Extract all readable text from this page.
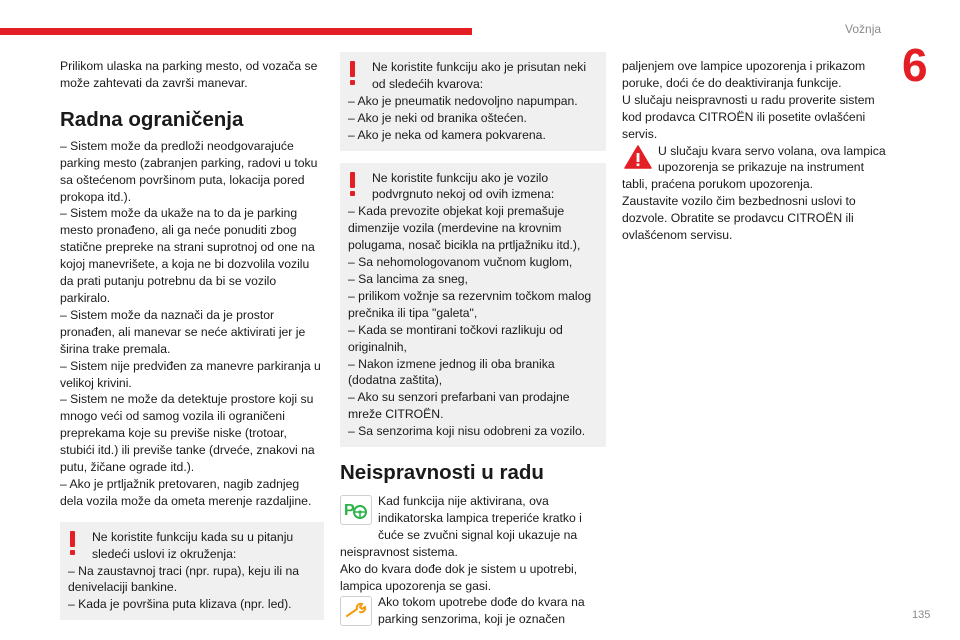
Vožnja
6

Prilikom ulaska na parking mesto, od vozača se može zahtevati da završi manevar.

Radna ograničenja

– Sistem može da predloži neodgovarajuće parking mesto (zabranjen parking, radovi u toku sa oštećenom površinom puta, lokacija pored prokopa itd.).

– Sistem može da ukaže na to da je parking mesto pronađeno, ali ga neće ponuditi zbog statične prepreke na strani suprotnoj od one na kojoj manevrišete, a koja ne bi dozvolila vozilu da prati putanju potrebnu da bi se vozilo parkiralo.

– Sistem može da naznači da je prostor pronađen, ali manevar se neće aktivirati jer je širina trake premala.

– Sistem nije predviđen za manevre parkiranja u velikoj krivini.

– Sistem ne može da detektuje prostore koji su mnogo veći od samog vozila ili ograničeni preprekama koje su previše niske (trotoar, stubići itd.) ili previše tanke (drveće, znakovi na putu, žičane ograde itd.).

– Ako je prtljažnik pretovaren, nagib zadnjeg dela vozila može da ometa merenje razdaljine.

Ne koristite funkciju kada su u pitanju sledeći uslovi iz okruženja:

– Na zaustavnoj traci (npr. rupa), keju ili na denivelaciji bankine.

– Kada je površina puta klizava (npr. led).

Ne koristite funkciju ako je prisutan neki od sledećih kvarova:

– Ako je pneumatik nedovoljno napumpan.

– Ako je neki od branika oštećen.

– Ako je neka od kamera pokvarena.

Ne koristite funkciju ako je vozilo podvrgnuto nekoj od ovih izmena:

– Kada prevozite objekat koji premašuje dimenzije vozila (merdevine na krovnim polugama, nosač bicikla na prtljažniku itd.),

– Sa nehomologovanom vučnom kuglom,

– Sa lancima za sneg,

– prilikom vožnje sa rezervnim točkom malog prečnika ili tipa "galeta",

– Kada se montirani točkovi razlikuju od originalnih,

– Nakon izmene jednog ili oba branika (dodatna zaštita),

– Ako su senzori prefarbani van prodajne mreže CITROËN.

– Sa senzorima koji nisu odobreni za vozilo.

Neispravnosti u radu
P

Kad funkcija nije aktivirana, ova indikatorska lampica treperiće kratko i čuće se zvučni signal koji ukazuje na neispravnost sistema.

Ako do kvara dođe dok je sistem u upotrebi, lampica upozorenja se gasi.

Ako tokom upotrebe dođe do kvara na parking senzorima, koji je označen

paljenjem ove lampice upozorenja i prikazom poruke, doći će do deaktiviranja funkcije.

U slučaju neispravnosti u radu proverite sistem kod prodavca CITROËN ili posetite ovlašćeni servis.

U slučaju kvara servo volana, ova lampica upozorenja se prikazuje na instrument tabli, praćena porukom upozorenja.

Zaustavite vozilo čim bezbednosni uslovi to dozvole. Obratite se prodavcu CITROËN ili ovlašćenom servisu.

135
